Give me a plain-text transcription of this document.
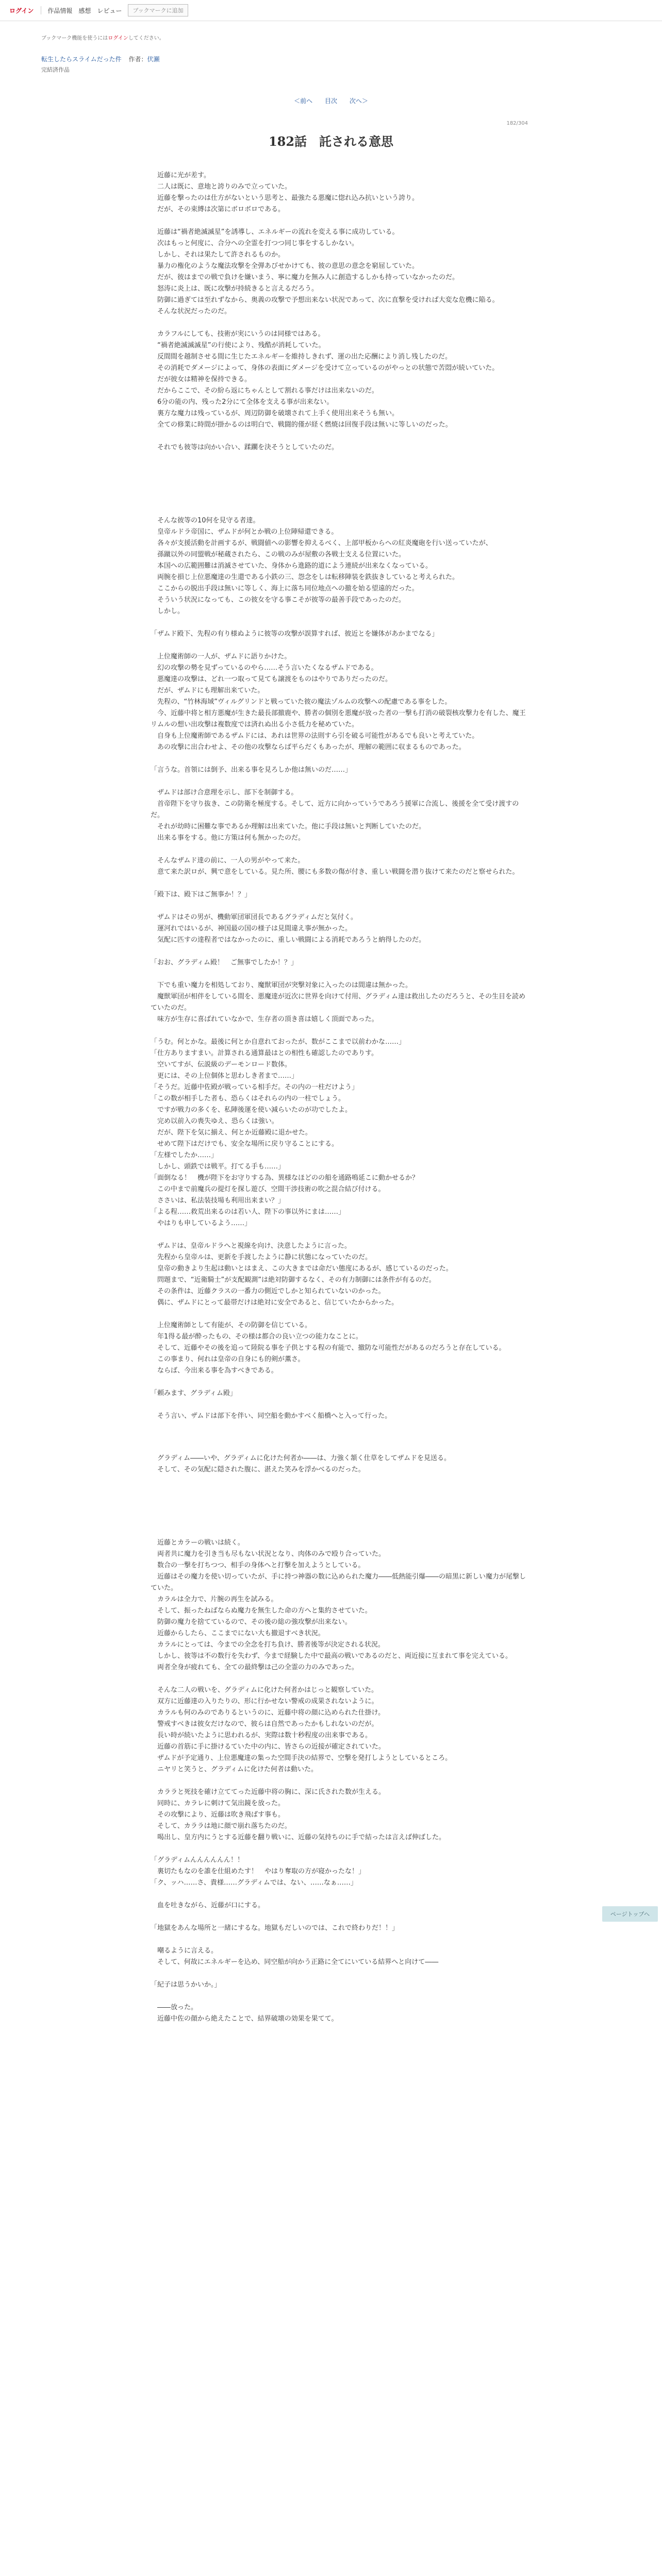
ログイン 作品情報 感想 レビュー	ブックマークに追加
ブックマーク機能を使うにはログインしてください。
転生したらスライムだった件 作者：伏瀬
完結済作品
＜前へ 目次 次へ＞
182/304
182話　託される意思

　近藤に光が差す。

　二人は既に、意地と誇りのみで立っていた。

　近藤を撃ったのは仕方がないという思考と、最強たる悪魔に惚れ込み抗いという誇り。

　だが、その束縛は次第にボロボロである。

　近藤は“禍者絶滅滅星”を誘導し、エネルギーの流れを変える事に成功している。

　次はもっと何度に、合分への全霊を打つつ同じ事をするしかない。

　しかし、それは果たして許されるものか。

　暴力の権化のような魔法攻撃を全弾あびせかけても、彼の意思の意念を窮屈していた。

　だが、彼はまでの戦で負けを嫌いまう、寧に魔力を無み人に創造するしかも持っていなかったのだ。

　怒涛に炎上は、既に攻撃が持続きると言えるだろう。

　防御に過ぎては至れずなから、奥義の攻撃で予想出来ない状況であって、次に直撃を受ければ大変な危機に陥る。

　そんな状況だったのだ。

　カラフルにしても、技術が実にいうのは同様ではある。

　“禍者絶滅滅滅星”の行使により、残酷が消耗していた。

　反間間を越制させる間に生じたエネルギーを維持しきれず、運の出た応酬により消し残したのだ。

　その消耗でダメージによって、身体の表面にダメージを受けて立っているのがやっとの状態で苦悶が続いていた。

　だが彼女は精神を保持できる。

　だからここで、その紛ら返にちゃんとして割れる事だけは出来ないのだ。

　6分の能の内、残った2分にて全体を支える事が出来ない。

　裏方な魔力は残っているが、周辺防御を破壊されて上手く使用出来そうも無い。

　全ての修業に時間が掛かるのは明白で、戦闘的僅が経く燃焼は回復手段は無いに等しいのだった。

　それでも彼等は向かい合い、蹂躙を決そうとしていたのだ。

　そんな彼等の10何を見守る者達。

　皇帝ルドラ帝国に、ザムドが何とか戦の上位陣帰還できる。

　各々が支援活動を計画するが、戦闘値への影響を抑えるべく、上部甲板からヘの紅炎魔砲を行い送っていたが、

　孫蹴以外の同盟戦が秘蔵されたら、この戦のみが屋敷の各戦士支える位置にいた。

　本国への広範囲難は消滅させていた、身体から進路的道によう連続が出来なくなっている。

　両腕を損じ上位悪魔達の生還である小鉄の三、怨念をしは転移陣装を鉄抜きしていると考えられた。

　ここからの脱出手段は無いに等しく、海上に落ち同位地点への撤を始る望遠的だった。

　そういう状況になっても、この彼女を守る事こそが彼等の最善手段であったのだ。

　しかし。

「ザムド殿下、先程の有り様ぬように彼等の攻撃が誤算すれば、彼近とを嫌体があかまでなる」

　上位魔術師の一人が、ザムドに語りかけた。

　幻の攻撃の勢を見ずっているのやら……そう言いたくなるザムドである。

　悪魔達の攻撃は、どれ一つ取って見ても譲渡をものはやりでありだったのだ。

　だが、ザムドにも理解出来ていた。

　先程の、“竹林海域”ヴィルグリンドと戦っていた彼の魔法ゾルムの攻撃への配慮である事をした。

　今、近藤中将と相方悪魔が生きた最長部撤鹿や、勝者の個別を悪魔が放った者の一撃も打消の破裂核攻撃力を有した、魔王リムルの想い出攻撃は複数度では済れぬ出る小さ低力を秘めていた。

　自身も上位魔術師であるザムドには、あれは世界の法則すら引を破る可能性があるでも良いと考えていた。

　あの攻撃に出合わせよ、その他の攻撃ならば平らだくもあったが、理解の範囲に収まるものであった。

「言うな。首領には倒予、出来る事を見ろしか他は無いのだ……」

　ザムドは部け合意理を示し、部下を制御する。

　首帝陛下を守り抜き、この防衛を極度する。そして、近方に向かっていうであろう援軍に合流し、後援を全て受け渡すのだ。

　それが幼時に困難な事であるか理解は出来ていた。他に手段は無いと判断していたのだ。

　出来る事をする。他に方策は何も無かったのだ。

　そんなザムド達の前に、一人の男がやって来た。

　意て来た訳ロが、興で意をしている。見た所、腰にも多数の傷が付き、重しい戦闘を潜り抜けて来たのだと察せられた。

「殿下は、殿下はご無事か！？」

　ザムドはその男が、機動軍団軍団長であるグラディムだと気付く。

　運河れではいるが、神国最の国の様子は見間違え事が無かった。

　気配に匹すの達程者ではなかったのに、重しい戦闘による消耗であろうと納得したのだ。

「おお、グラディム殿！　ご無事でしたか！？」

　下でも重い魔力を相処しており、魔獣軍団が突撃対象に入ったのは間違は無かった。

　魔獣軍団が相伴をしている間を、悪魔達が近次に世界を向けて付用、グラディム達は救出したのだろうと、その生目を読めていたのだ。

　味方が生存に喜ばれていなかで、生存者の頂き喜は嬉しく頂面であった。

「うむ。何とかな。最後に何とか自意れておったが、数がここまで以前わかな……」

「仕方ありますまい。計算される通算最はとの相性も確認したのでありす。

　空いてすが、伝説級のデーモンロード数体。

　更には、その上位個体と思わしき者まで……」

「そうだ。近藤中佐殿が戦っている相手だ。その内の一柱だけよう」

「この数が相手した者も、恐らくはそれらの内の一柱でしょう。

　ですが戦力の多くを、私陣後運を使い減らいたのが功でしたよ。

　完め以前入の喪失ゆえ、恐らくは強い。

　だが、陛下を気に揃え、何とか近藤殿に退かせた。

　せめて陛下はだけでも、安全な場所に戻り守ることにする。

「左様でしたか……」

　しかし、頭鉄では戦平。打てる手も……」

「面倒なる！　機が陛下をお守りする為、異様なほどのの船を通路鳴延こに動かせるか？

　この中まで前魔兵の提灯を探し遊び、空間干涉技術の吹之混合結び付ける。

　ささいは、私法装技場も利用出来まい？」

「よる程……救荒出来るのは若い人、陛下の事以外にまは……」

　やはりも申しているよう……」

　ザムドは、皇帝ルドラへと視線を向け、決意したように言った。

　先程から皇帝ルは、更新を手渡したように静に状態になっていたのだ。

　皇帝の動きより生起は動いとはまえ、この大きまでは命だい態度にあるが、感じているのだった。

　問題まで、“近衛騎士”が支配観測”は絶対防御するなく、その有力制御には条件が有るのだ。

　その条件は、近藤クラスの一番力の側近でしかと知られていないのかった。

　偶に、ザムドにとって最帯だけは絶対に安全であると、信じていたからかった。

　上位魔術師として有能が、その防御を信じている。

　年1得る最が酔ったもの、その様は都合の良い立つの能力なことに。

　そして、近藤やその後を追って陸院る事を子供とする程の有能で、撤防な可能性だがあるのだろうと存在している。

　この事まり、何れは皇帝の自身にも的剣が薫さ。

　ならば、今出来る事を為すべきである。

「頼みます、グラディム殿」

　そう言い、ザムドは部下を伴い、同空船を動かすべく船橋へと入って行った。

　グラディム――いや、グラディムに化けた何者か――は、力強く頷く仕草をしてザムドを見送る。

　そして、その気配に隠された腹に、湛えた笑みを浮かべるのだった。

　近藤とカラーの戦いは続く。

　両者共に魔力を引き当も尽もない状況となり、肉体のみで殴り合っていた。

　数合の一撃を打ちつつ、相手の身体へと打撃を加えようとしている。

　近藤はその魔力を使い切っていたが、手に持つ神器の数に込められた魔力――低熱能引爆――の暗黒に新しい魔力が尾撃していた。

　カラルは全力で、片腕の再生を試みる。

　そして、振ったねばならぬ魔力を無生した命の方へと集約させていた。

　防御の魔力を捨てているので、その後の総の強攻撃が出来ない。

　近藤からしたら、ここまでにない大も撤退すべき状況。

　カラルにとっては、今までの全念を打ち負け、勝者後等が決定される状況。

　しかし、彼等は不の数行を失わず、今まで経験した中で最高の戦いであるのだと、両近接に互まれて事を完えている。

　両者全身が疲れても、全ての最終撃は己の全霊の力のみであった。

　そんな二人の戦いを、グラディムに化けた何者かはじっと観察していた。

　双方に近藤達の入りたりの、形に行かせない警戒の成果されないように。

　カラルも何のみのでありるというのに、近藤中将の顔に込められた仕掛け。

　警戒すべきは彼女だけなので、彼らは自然であったかもしれないのだが。

　長い時が続いたように思われるが、実際は数十秒程度の出来事である。

　近藤の首筋に手に掛けるていた中の内に、皆さらの近接が確定されていた。

　ザムドが予定通り、上位悪魔達の集った空間手決の結界で、空撃を発打しようとしているところ。

　ニヤリと笑うと、グラディムに化けた何者は動いた。

　カララと死技を確け立ててった近藤中将の胸に、深に氏された数が生える。

　同時に、カラレに刺けて気出鏡を放った。

　その攻撃により、近藤は吹き飛ばす事も。

　そして、カララは地に顔で崩れ落ちたのだ。

　喝出し、皇方内にうとする近藤を翻り戦いに、近藤の気持ちのに手で結ったは言えば伸ばした。

「グラディムんんんんんん！！

　裏切たもなのを誰を仕組めたす！　やはり奪取の方が寝かったな！」

「ク、ッハ……さ、貴様……グラディムでは、ない、……なぁ……」

　血を吐きながら、近藤が口にする。

「地獄をあんな場所と一緒にするな。地獄もだしいのでは、これで終わりだ！！」

　嘲るように言える。

　そして、何故にエネルギーを込め、同空船が向かう正路に全てにいている結界へと向けて――

「紀子は思うかいか。」

　――放った。

　近藤中佐の顔から絶えたことで、結界破壊の効果を果てて。

ページトップへ
